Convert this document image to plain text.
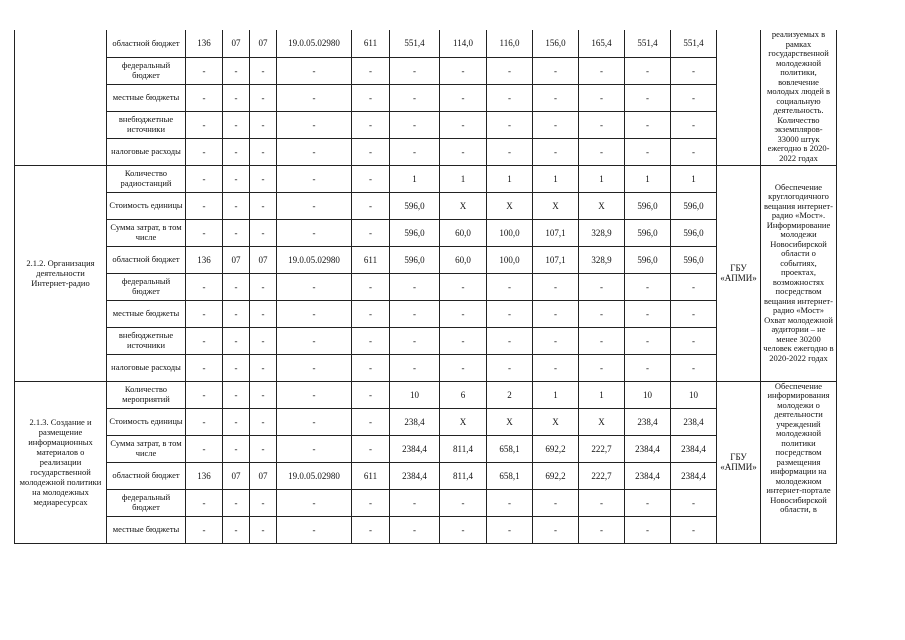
	областной бюджет	136	07	07	19.0.05.02980	611	551,4	114,0	116,0	156,0	165,4	551,4	551,4		реализуемых в рамках государственной молодежной политики, вовлечение молодых людей в социальную деятельность. Количество экземпляров- 33000 штук ежегодно в 2020-2022 годах
	федеральный бюджет	-	-	-	-	-	-	-	-	-	-	-	-		
	местные бюджеты	-	-	-	-	-	-	-	-	-	-	-	-		
	внебюджетные источники	-	-	-	-	-	-	-	-	-	-	-	-		
	налоговые расходы	-	-	-	-	-	-	-	-	-	-	-	-		
2.1.2. Организация деятельности Интернет-радио	Количество радиостанций	-	-	-	-	-	1	1	1	1	1	1	1	ГБУ «АПМИ»	Обеспечение круглогодичного вещания интернет-радио «Мост». Информирование молодежи Новосибирской области о событиях, проектах, возможностях посредством вещания интернет-радио «Мост» Охват молодежной аудитории – не менее 30200 человек ежегодно в 2020-2022 годах
	Стоимость единицы	-	-	-	-	-	596,0	X	X	X	X	596,0	596,0		
	Сумма затрат, в том числе	-	-	-	-	-	596,0	60,0	100,0	107,1	328,9	596,0	596,0		
	областной бюджет	136	07	07	19.0.05.02980	611	596,0	60,0	100,0	107,1	328,9	596,0	596,0		
	федеральный бюджет	-	-	-	-	-	-	-	-	-	-	-	-		
	местные бюджеты	-	-	-	-	-	-	-	-	-	-	-	-		
	внебюджетные источники	-	-	-	-	-	-	-	-	-	-	-	-		
	налоговые расходы	-	-	-	-	-	-	-	-	-	-	-	-		
2.1.3. Создание и размещение информационных материалов о реализации государственной молодежной политики на молодежных медиаресурсах	Количество мероприятий	-	-	-	-	-	10	6	2	1	1	10	10	ГБУ «АПМИ»	Обеспечение информирования молодежи о деятельности учреждений молодежной политики посредством размещения информации на молодежном интернет-портале Новосибирской области, в
	Стоимость единицы	-	-	-	-	-	238,4	X	X	X	X	238,4	238,4		
	Сумма затрат, в том числе	-	-	-	-	-	2384,4	811,4	658,1	692,2	222,7	2384,4	2384,4		
	областной бюджет	136	07	07	19.0.05.02980	611	2384,4	811,4	658,1	692,2	222,7	2384,4	2384,4		
	федеральный бюджет	-	-	-	-	-	-	-	-	-	-	-	-		
	местные бюджеты	-	-	-	-	-	-	-	-	-	-	-	-		
